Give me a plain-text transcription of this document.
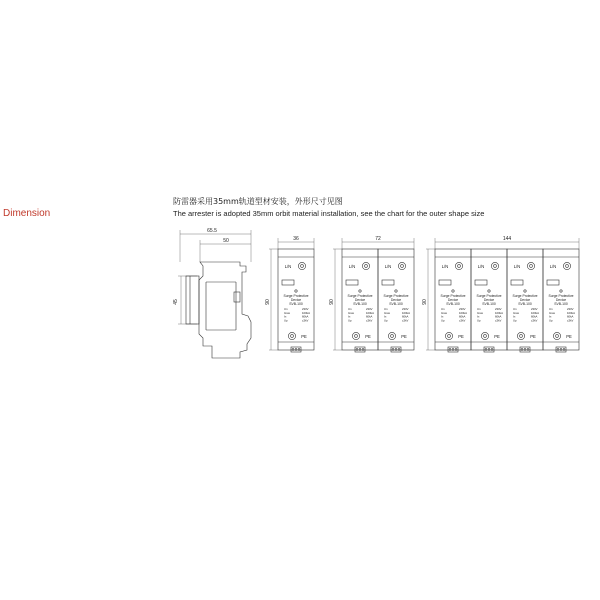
Dimension
防雷器采用35mm轨道型材安装，外形尺寸见图
The arrester is adopted 35mm orbit material installation, see the chart for the outer shape size
65.5
50
45
36
90
L/N
Surge Protective
Device
SVB-100
Un	230V
Imax	100kA
In	60kA
Up	≤3kV
PE
72
90
L/N
Surge Protective
Device
SVB-100
Un	230V
Imax	100kA
In	60kA
Up	≤3kV
PE
L/N
Surge Protective
Device
SVB-100
Un	230V
Imax	100kA
In	60kA
Up	≤3kV
PE
144
90
L/N
Surge Protective
Device
SVB-100
Un	230V
Imax	100kA
In	60kA
Up	≤3kV
PE
L/N
Surge Protective
Device
SVB-100
Un	230V
Imax	100kA
In	60kA
Up	≤3kV
PE
L/N
Surge Protective
Device
SVB-100
Un	230V
Imax	100kA
In	60kA
Up	≤3kV
PE
L/N
Surge Protective
Device
SVB-100
Un	230V
Imax	100kA
In	60kA
Up	≤3kV
PE
